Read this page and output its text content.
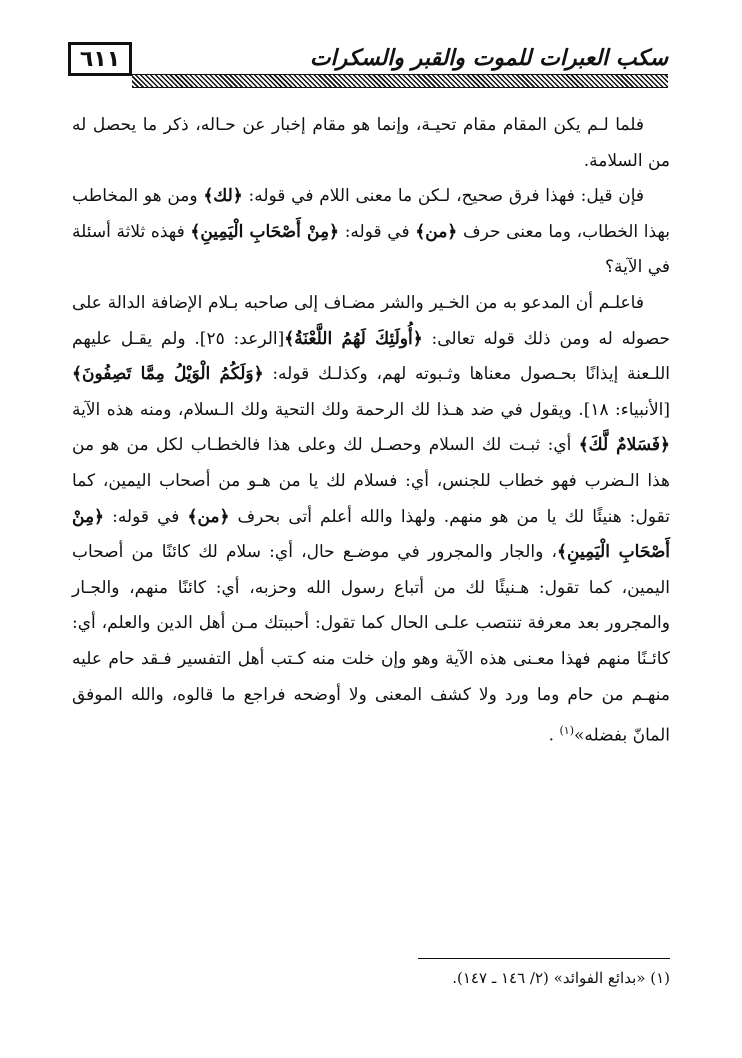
سكب العبرات للموت والقبر والسكرات
٦١١

فلما لـم يكن المقام مقام تحيـة، وإنما هو مقام إخبار عن حـاله، ذكر ما يحصل له من السلامة.

فإن قيل: فهذا فرق صحيح، لـكن ما معنى اللام في قوله: ﴿لك﴾ ومن هو المخاطب بهذا الخطاب، وما معنى حرف ﴿من﴾ في قوله: ﴿مِنْ أَصْحَابِ الْيَمِينِ﴾ فهذه ثلاثة أسئلة في الآية؟

فاعلـم أن المدعو به من الخـير والشر مضـاف إلى صاحبه بـلام الإضافة الدالة على حصوله له ومن ذلك قوله تعالى: ﴿أُولَئِكَ لَهُمُ اللَّعْنَةُ﴾[الرعد: ٢٥]. ولم يقـل عليهم اللـعنة إيذانًا بحـصول معناها وثـبوته لهم، وكذلـك قوله: ﴿وَلَكُمُ الْوَيْلُ مِمَّا تَصِفُونَ﴾ [الأنبياء: ١٨]. ويقول في ضد هـذا لك الرحمة ولك التحية ولك الـسلام، ومنه هذه الآية ﴿فَسَلامٌ لَّكَ﴾ أي: ثبـت لك السلام وحصـل لك وعلى هذا فالخطـاب لكل من هو من هذا الـضرب فهو خطاب للجنس، أي: فسلام لك يا من هـو من أصحاب اليمين، كما تقول: هنيئًا لك يا من هو منهم. ولهذا والله أعلم أتى بحرف ﴿من﴾ في قوله: ﴿مِنْ أَصْحَابِ الْيَمِينِ﴾، والجار والمجرور في موضـع حال، أي: سلام لك كائنًا من أصحاب اليمين، كما تقول: هـنيئًا لك من أتباع رسول الله وحزبه، أي: كائنًا منهم، والجـار والمجرور بعد معرفة تنتصب علـى الحال كما تقول: أحببتك مـن أهل الدين والعلم، أي: كائـنًا منهم فهذا معـنى هذه الآية وهو وإن خلت منه كـتب أهل التفسير فـقد حام عليه منهـم من حام وما ورد ولا كشف المعنى ولا أوضحه فراجع ما قالوه، والله الموفق المانّ بفضله»$^{(١)}$ .

(١) «بدائع الفوائد» (٢/ ١٤٦ ـ ١٤٧).
